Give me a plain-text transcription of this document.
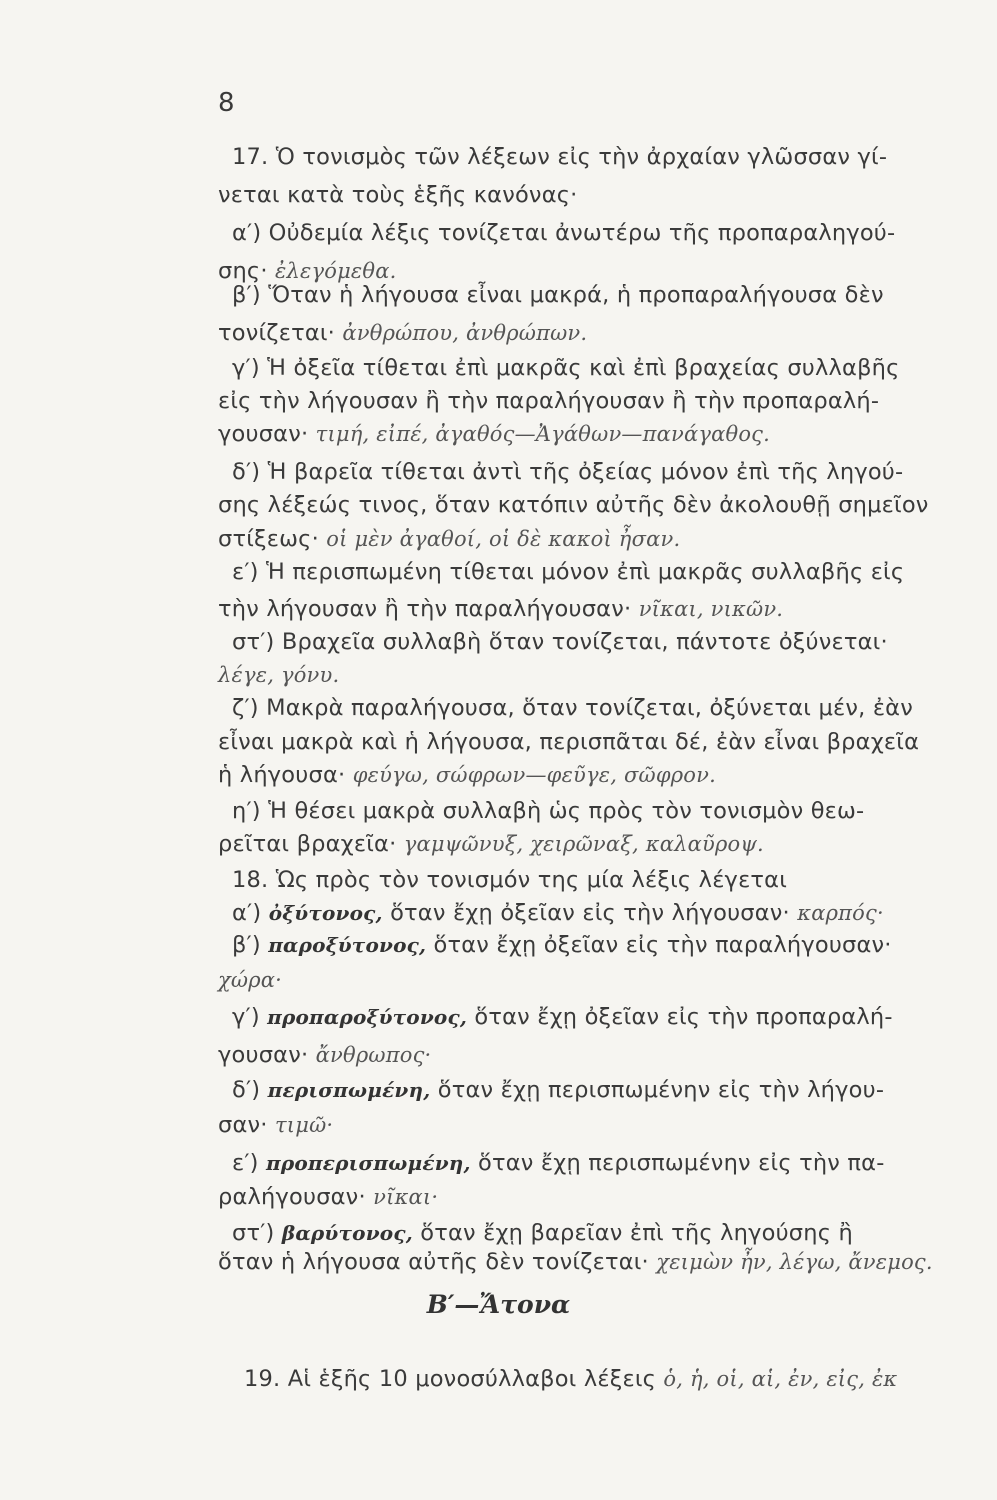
8
17. Ὁ τονισμὸς τῶν λέξεων εἰς τὴν ἀρχαίαν γλῶσσαν γί-
νεται κατὰ τοὺς ἑξῆς κανόνας·
α′) Οὐδεμία λέξις τονίζεται ἀνωτέρω τῆς προπαραληγού-
σης· ἐλεγόμεθα.
β′) Ὅταν ἡ λήγουσα εἶναι μακρά, ἡ προπαραλήγουσα δὲν
τονίζεται· ἀνθρώπου, ἀνθρώπων.
γ′) Ἡ ὀξεῖα τίθεται ἐπὶ μακρᾶς καὶ ἐπὶ βραχείας συλλαβῆς
εἰς τὴν λήγουσαν ἢ τὴν παραλήγουσαν ἢ τὴν προπαραλή-
γουσαν· τιμή, εἰπέ, ἀγαθός—Ἀγάθων—πανάγαθος.
δ′) Ἡ βαρεῖα τίθεται ἀντὶ τῆς ὀξείας μόνον ἐπὶ τῆς ληγού-
σης λέξεώς τινος, ὅταν κατόπιν αὐτῆς δὲν ἀκολουθῇ σημεῖον
στίξεως· οἱ μὲν ἀγαθοί, οἱ δὲ κακοὶ ἦσαν.
ε′) Ἡ περισπωμένη τίθεται μόνον ἐπὶ μακρᾶς συλλαβῆς εἰς
τὴν λήγουσαν ἢ τὴν παραλήγουσαν· νῖκαι, νικῶν.
στ′) Βραχεῖα συλλαβὴ ὅταν τονίζεται, πάντοτε ὀξύνεται·
λέγε, γόνυ.
ζ′) Μακρὰ παραλήγουσα, ὅταν τονίζεται, ὀξύνεται μέν, ἐὰν
εἶναι μακρὰ καὶ ἡ λήγουσα, περισπᾶται δέ, ἐὰν εἶναι βραχεῖα
ἡ λήγουσα· φεύγω, σώφρων—φεῦγε, σῶφρον.
η′) Ἡ θέσει μακρὰ συλλαβὴ ὡς πρὸς τὸν τονισμὸν θεω-
ρεῖται βραχεῖα· γαμψῶνυξ, χειρῶναξ, καλαῦροψ.
18. Ὡς πρὸς τὸν τονισμόν της μία λέξις λέγεται
α′) ὀξύτονος, ὅταν ἔχῃ ὀξεῖαν εἰς τὴν λήγουσαν· καρπός·
β′) παροξύτονος, ὅταν ἔχῃ ὀξεῖαν εἰς τὴν παραλήγουσαν·
χώρα·
γ′) προπαροξύτονος, ὅταν ἔχῃ ὀξεῖαν εἰς τὴν προπαραλή-
γουσαν· ἄνθρωπος·
δ′) περισπωμένη, ὅταν ἔχῃ περισπωμένην εἰς τὴν λήγου-
σαν· τιμῶ·
ε′) προπερισπωμένη, ὅταν ἔχῃ περισπωμένην εἰς τὴν πα-
ραλήγουσαν· νῖκαι·
στ′) βαρύτονος, ὅταν ἔχῃ βαρεῖαν ἐπὶ τῆς ληγούσης ἢ
ὅταν ἡ λήγουσα αὐτῆς δὲν τονίζεται· χειμὼν ἦν, λέγω, ἄνεμος.
Β′—Ἄτονα
19. Αἱ ἑξῆς 10 μονοσύλλαβοι λέξεις ὁ, ἡ, οἱ, αἱ, ἐν, εἰς, ἐκ
